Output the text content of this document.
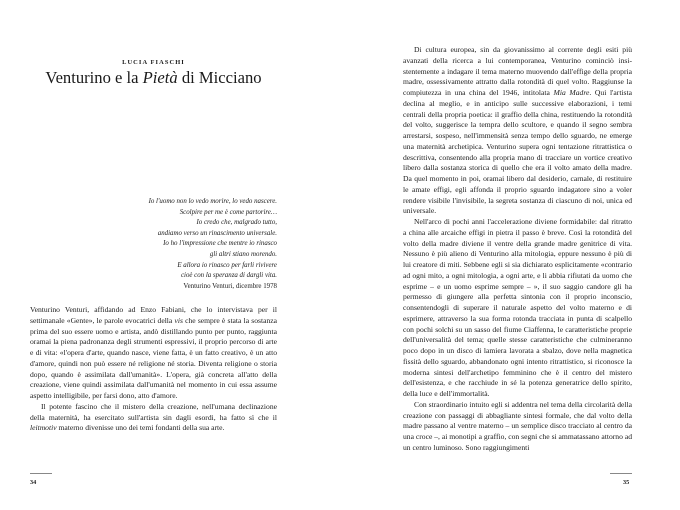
LUCIA FIASCHI
Venturino e la Pietà di Micciano
Io l'uomo non lo vedo morire, lo vedo nascere.
Scolpire per me è come partorire…
Io credo che, malgrado tutto,
andiamo verso un rinascimento universale.
Io ho l'impressione che mentre io rinasco
gli altri stiano morendo.
E allora io rinasco per farli rivivere
cioè con la speranza di dargli vita.
Venturino Venturi, dicembre 1978

Venturino Venturi, affidando ad Enzo Fabiani, che lo intervistava per il settimanale «Gente», le parole evocatrici della vis che sempre è stata la sostanza prima del suo essere uomo e artista, andò distillando punto per punto, raggiunta oramai la piena padronanza degli strumenti espressivi, il proprio percorso di arte e di vita: «l'opera d'arte, quando nasce, viene fatta, è un fatto creativo, è un atto d'amore, quindi non può essere né religione né storia. Diventa religione o storia dopo, quando è assimilata dall'umanità». L'opera, già concreta all'atto della creazione, viene quindi assimilata dall'umanità nel momento in cui essa assume aspetto intelligibile, per farsi dono, atto d'amore.

Il potente fascino che il mistero della creazione, nell'umana declinazione della maternità, ha esercitato sull'artista sin dagli esordi, ha fatto sì che il leitmotiv materno divenisse uno dei temi fondanti della sua arte.

34

Di cultura europea, sin da giovanissimo al corrente degli esiti più avanzati della ricerca a lui contemporanea, Venturino cominciò insistentemente a indagare il tema materno muovendo dall'effige della propria madre, ossessivamente attratto dalla rotondità di quel volto. Raggiunse la compiutezza in una china del 1946, intitolata Mia Madre. Qui l'artista declina al meglio, e in anticipo sulle successive elaborazioni, i temi centrali della propria poetica: il graffio della china, restituendo la rotondità del volto, suggerisce la tempra dello scultore, e quando il segno sembra arrestarsi, sospeso, nell'immensità senza tempo dello sguardo, ne emerge una maternità archetipica. Venturino supera ogni tentazione ritrattistica o descrittiva, consentendo alla propria mano di tracciare un vortice creativo libero dalla sostanza storica di quello che era il volto amato della madre. Da quel momento in poi, oramai libero dal desiderio, carnale, di restituire le amate effigi, egli affonda il proprio sguardo indagatore sino a voler rendere visibile l'invisibile, la segreta sostanza di ciascuno di noi, unica ed universale.

Nell'arco di pochi anni l'accelerazione diviene formidabile: dal ritratto a china alle arcaiche effigi in pietra il passo è breve. Così la rotondità del volto della madre diviene il ventre della grande madre genitrice di vita. Nessuno è più alieno di Venturino alla mitologia, eppure nessuno è più di lui creatore di miti. Sebbene egli si sia dichiarato esplicitamente «contrario ad ogni mito, a ogni mitologia, a ogni arte, e li abbia rifiutati da uomo che esprime – e un uomo esprime sempre – », il suo saggio candore gli ha permesso di giungere alla perfetta sintonia con il proprio inconscio, consentendogli di superare il naturale aspetto del volto materno e di esprimere, attraverso la sua forma rotonda tracciata in punta di scalpello con pochi solchi su un sasso del fiume Ciaffenna, le caratteristiche proprie dell'universalità del tema; quelle stesse caratteristiche che culmineranno poco dopo in un disco di lamiera lavorata a sbalzo, dove nella magnetica fissità dello sguardo, abbandonato ogni intento ritrattistico, si riconosce la moderna sintesi dell'archetipo femminino che è il centro del mistero dell'esistenza, e che racchiude in sé la potenza generatrice dello spirito, della luce e dell'immortalità.

Con straordinario intuito egli si addentra nel tema della circolarità della creazione con passaggi di abbagliante sintesi formale, che dal volto della madre passano al ventre materno – un semplice disco tracciato al centro da una croce –, ai monotipi a graffio, con segni che si ammatassano attorno ad un centro luminoso. Sono raggiungimenti

35
